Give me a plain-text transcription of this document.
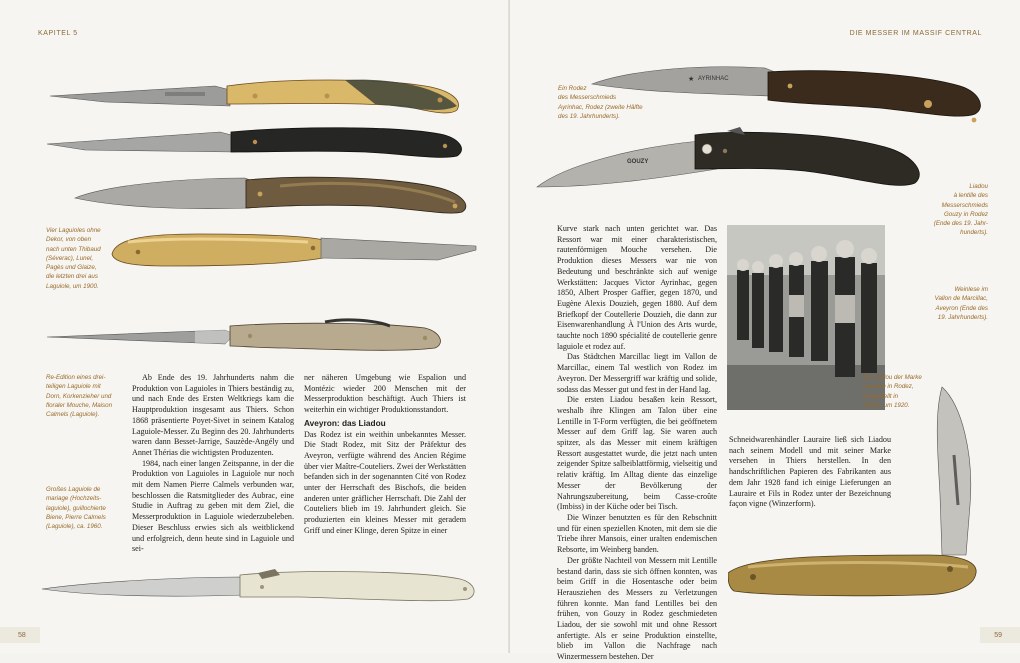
KAPITEL 5
Vier Laguioles ohne
Dekor, von oben
nach unten Thibaud
(Séverac), Lunel,
Pagès und Glaize,
die letzten drei aus
Laguiole, um 1900.
Re-Edition eines drei-
teiligen Laguiole mit
Dorn, Korkenzieher und
floraler Mouche, Maison
Calmels (Laguiole).
Großes Laguiole de
mariage (Hochzeits-
laguiole), guillochierte
Biene, Pierre Calmels
(Laguiole), ca. 1960.

Ab Ende des 19. Jahrhunderts nahm die Produktion von Laguioles in Thiers beständig zu, und nach Ende des Ersten Weltkriegs kam die Hauptproduktion insgesamt aus Thiers. Schon 1868 präsentierte Poyet-Sivet in seinem Katalog Laguiole-Messer. Zu Beginn des 20. Jahrhunderts waren dann Besset-Jarrige, Sauzède-Angély und Annet Thérias die wichtigsten Produzenten.

1984, nach einer langen Zeitspanne, in der die Produktion von Laguioles in Laguiole nur noch mit dem Namen Pierre Calmels verbunden war, beschlossen die Ratsmitglieder des Aubrac, eine Studie in Auftrag zu geben mit dem Ziel, die Messerproduktion in Laguiole wiederzubeleben. Dieser Beschluss erwies sich als weitblickend und erfolgreich, denn heute sind in Laguiole und sei-

ner näheren Umgebung wie Espalion und Montézic wieder 200 Menschen mit der Messerproduktion beschäftigt. Auch Thiers ist weiterhin ein wichtiger Produktionsstandort.

Aveyron: das Liadou

Das Rodez ist ein weithin unbekanntes Messer. Die Stadt Rodez, mit Sitz der Präfektur des Aveyron, verfügte während des Ancien Régime über vier Maître-Couteliers. Zwei der Werkstätten befanden sich in der sogenannten Cité von Rodez unter der Herrschaft des Bischofs, die beiden anderen unter gräflicher Herrschaft. Die Zahl der Couteliers blieb im 19. Jahrhundert gleich. Sie produzierten ein kleines Messer mit geradem Griff und einer Klinge, deren Spitze in einer

58
DIE MESSER IM MASSIF CENTRAL
Ein Rodez
des Messerschmieds
Ayrinhac, Rodez (zweite Hälfte
des 19. Jahrhunderts).
AYRINHAC
★
GOUZY
Liadou
à lentille des
Messerschmieds
Gouzy in Rodez
(Ende des 19. Jahr-
hunderts).

Kurve stark nach unten gerichtet war. Das Ressort war mit einer charakteristischen, rautenförmigen Mouche versehen. Die Produktion dieses Messers war nie von Bedeutung und beschränkte sich auf wenige Werkstätten: Jacques Victor Ayrinhac, gegen 1850, Albert Prosper Gaffier, gegen 1870, und Eugène Alexis Douzieh, gegen 1880. Auf dem Briefkopf der Coutellerie Douzieh, die dann zur Eisenwarenhandlung À l'Union des Arts wurde, tauchte noch 1890 spécialité de coutellerie genre laguiole et rodez auf.

Das Städtchen Marcillac liegt im Vallon de Marcillac, einem Tal westlich von Rodez im Aveyron. Der Messergriff war kräftig und solide, sodass das Messer gut und fest in der Hand lag.

Die ersten Liadou besaßen kein Ressort, weshalb ihre Klingen am Talon über eine Lentille in T-Form verfügten, die bei geöffnetem Messer auf dem Griff lag. Sie waren auch spitzer, als das Messer mit einem kräftigen Ressort ausgestattet wurde, die jetzt nach unten zeigender Spitze salbeiblattförmig, vielseitig und relativ kräftig. Im Alltag diente das einzelige Messer der Bevölkerung der Nahrungszubereitung, beim Casse-croûte (Imbiss) in der Küche oder bei Tisch.

Die Winzer benutzten es für den Rebschnitt und für einen speziellen Knoten, mit dem sie die Triebe ihrer Mansois, einer uralten endemischen Rebsorte, im Weinberg banden.

Der größte Nachteil von Messern mit Lentille bestand darin, dass sie sich öffnen konnten, was beim Griff in die Hosentasche oder beim Herausziehen des Messers zu Verletzungen führen konnte. Man fand Lentilles bei den frühen, von Gouzy in Rodez geschmiedeten Liadou, der sie sowohl mit und ohne Ressort anfertigte. Als er seine Produktion einstellte, blieb im Vallon die Nachfrage nach Winzermessern bestehen. Der

Weinlese im
Vallon de Marcillac,
Aveyron (Ende des
19. Jahrhunderts).
Ein Liadou der Marke
Lauraire in Rodez,
hergestellt in
Thiers, um 1920.

Schneidwarenhändler Lauraire ließ sich Liadou nach seinem Modell und mit seiner Marke versehen in Thiers herstellen. In den handschriftlichen Papieren des Fabrikanten aus dem Jahr 1928 fand ich einige Lieferungen an Lauraire et Fils in Rodez unter der Bezeichnung façon vigne (Winzerform).

59
